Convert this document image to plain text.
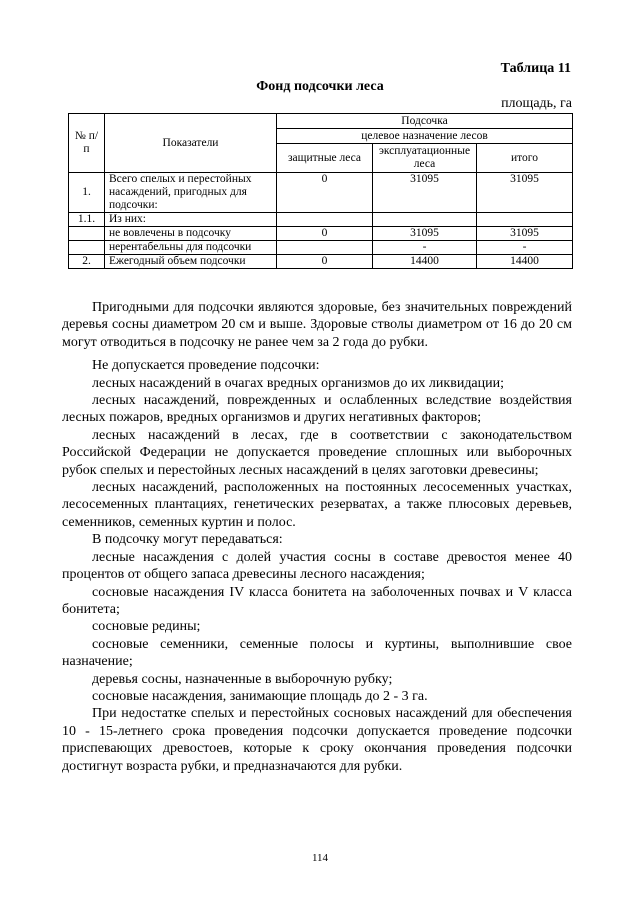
Таблица 11
Фонд подсочки леса
площадь, га
№ п/п	Показатели	Подсочка		
		целевое назначение лесов		
		защитные леса	эксплуатационные леса	итого
1.	Всего спелых и перестойных насаждений, пригодных для подсочки:	0	31095	31095
1.1.	Из них:			
	не вовлечены в подсочку	0	31095	31095
	нерентабельны для подсочки		-	-
2.	Ежегодный объем подсочки	0	14400	14400

Пригодными для подсочки являются здоровые, без значительных повреждений деревья сосны диаметром 20 см и выше. Здоровые стволы диаметром от 16 до 20 см могут отводиться в подсочку не ранее чем за 2 года до рубки.

Не допускается проведение подсочки:

лесных насаждений в очагах вредных организмов до их ликвидации;

лесных насаждений, поврежденных и ослабленных вследствие воздействия лесных пожаров, вредных организмов и других негативных факторов;

лесных насаждений в лесах, где в соответствии с законодательством Российской Федерации не допускается проведение сплошных или выборочных рубок спелых и перестойных лесных насаждений в целях заготовки древесины;

лесных насаждений, расположенных на постоянных лесосеменных участках, лесосеменных плантациях, генетических резерватах, а также плюсовых деревьев, семенников, семенных куртин и полос.

В подсочку могут передаваться:

лесные насаждения с долей участия сосны в составе древостоя менее 40 процентов от общего запаса древесины лесного насаждения;

сосновые насаждения IV класса бонитета на заболоченных почвах и V класса бонитета;

сосновые редины;

сосновые семенники, семенные полосы и куртины, выполнившие свое назначение;

деревья сосны, назначенные в выборочную рубку;

сосновые насаждения, занимающие площадь до 2 - 3 га.

При недостатке спелых и перестойных сосновых насаждений для обеспечения 10 - 15-летнего срока проведения подсочки допускается проведение подсочки приспевающих древостоев, которые к сроку окончания проведения подсочки достигнут возраста рубки, и предназначаются для рубки.

114
